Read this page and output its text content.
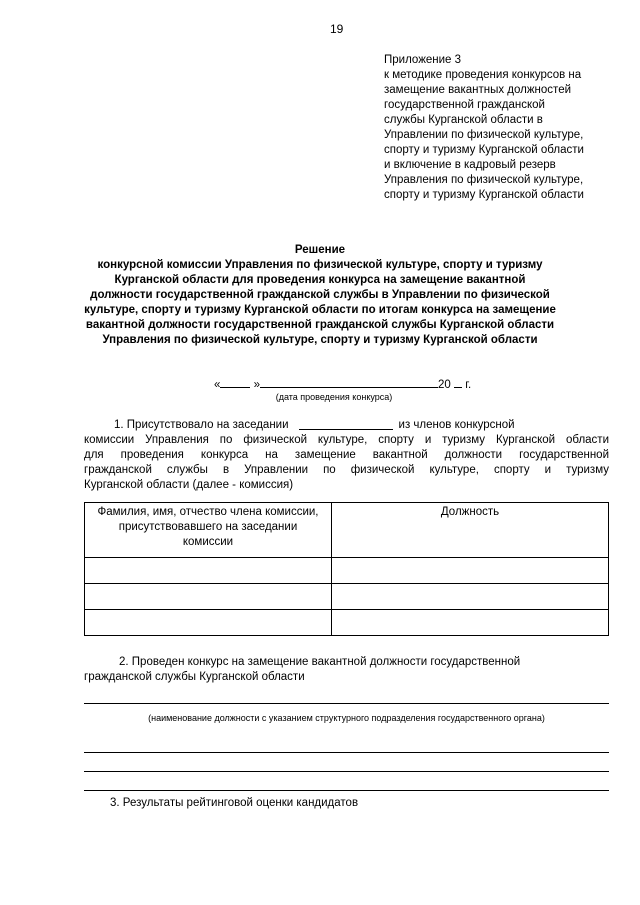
19
Приложение 3
к методике проведения конкурсов на
замещение вакантных должностей
государственной гражданской
службы Курганской области в
Управлении по физической культуре,
спорту и туризму Курганской области
и включение в кадровый резерв
Управления по физической культуре,
спорту и туризму Курганской области
Решение
конкурсной комиссии Управления по физической культуре, спорту и туризму
Курганской области для проведения конкурса на замещение вакантной
должности государственной гражданской службы в Управлении по физической
культуре, спорту и туризму Курганской области по итогам конкурса на замещение
вакантной должности государственной гражданской службы Курганской области
Управления по физической культуре, спорту и туризму Курганской области
«	»	20 г.
(дата проведения конкурса)
1. Присутствовало на заседании	из членов конкурсной
комиссии Управления по физической культуре, спорту и туризму Курганской области
для проведения конкурса на замещение вакантной должности государственной
гражданской службы в Управлении по физической культуре, спорту и туризму
Курганской области (далее - комиссия)
Фамилия, имя, отчество члена комиссии,
присутствовавшего на заседании
комиссии	Должность

2. Проведен конкурс на замещение вакантной должности государственной
гражданской службы Курганской области
(наименование должности с указанием структурного подразделения государственного органа)
3. Результаты рейтинговой оценки кандидатов
